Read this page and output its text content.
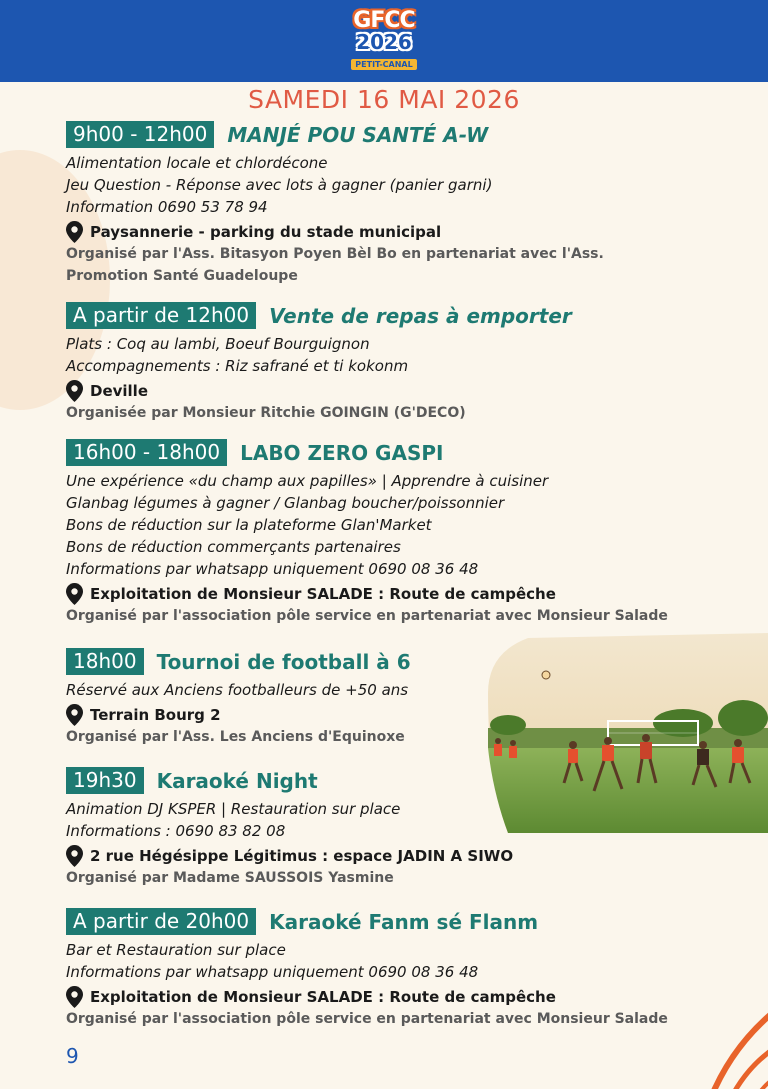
GFCC
2026
PETIT-CANAL
SAMEDI 16 MAI 2026
9h00 - 12h00	MANJÉ POU SANTÉ A-W
Alimentation locale et chlordécone
Jeu Question - Réponse avec lots à gagner (panier garni)
Information 0690 53 78 94
Paysannerie - parking du stade municipal
Organisé par l'Ass. Bitasyon Poyen Bèl Bo en partenariat avec l'Ass.
Promotion Santé Guadeloupe
A partir de 12h00	Vente de repas à emporter
Plats : Coq au lambi, Boeuf Bourguignon
Accompagnements : Riz safrané et ti kokonm
Deville
Organisée par Monsieur Ritchie GOINGIN (G'DECO)
16h00 - 18h00	LABO ZERO GASPI
Une expérience «du champ aux papilles» | Apprendre à cuisiner
Glanbag légumes à gagner / Glanbag boucher/poissonnier
Bons de réduction sur la plateforme Glan'Market
Bons de réduction commerçants partenaires
Informations par whatsapp uniquement 0690 08 36 48
Exploitation de Monsieur SALADE : Route de campêche
Organisé par l'association pôle service en partenariat avec Monsieur Salade
18h00	Tournoi de football à 6
Réservé aux Anciens footballeurs de +50 ans
Terrain Bourg 2
Organisé par l'Ass. Les Anciens d'Equinoxe
19h30	Karaoké Night
Animation DJ KSPER | Restauration sur place
Informations : 0690 83 82 08
2 rue Hégésippe Légitimus : espace JADIN A SIWO
Organisé par Madame SAUSSOIS Yasmine
A partir de 20h00	Karaoké Fanm sé Flanm
Bar et Restauration sur place
Informations par whatsapp uniquement 0690 08 36 48
Exploitation de Monsieur SALADE : Route de campêche
Organisé par l'association pôle service en partenariat avec Monsieur Salade
9
